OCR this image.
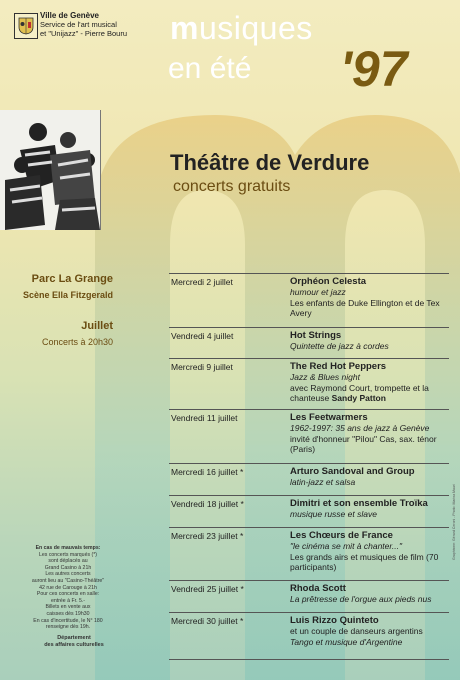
Ville de Genève
Service de l'art musical
et "Unijazz" - Pierre Bouru musiques
en été '97
Théâtre de Verdure
concerts gratuits
Parc La Grange
Scène Ella Fitzgerald
Juillet
Concerts à 20h30
Mercredi 2 juillet	Orphéon Celesta
humour et jazz
Les enfants de Duke Ellington et de Tex Avery
Vendredi 4 juillet	Hot Strings
Quintette de jazz à cordes
Mercredi 9 juillet	The Red Hot Peppers
Jazz & Blues night
avec Raymond Court, trompette et la chanteuse Sandy Patton
Vendredi 11 juillet	Les Feetwarmers
1962-1997: 35 ans de jazz à Genève
invité d'honneur "Pilou" Cas, sax. ténor (Paris)
Mercredi 16 juillet *	Arturo Sandoval and Group
latin-jazz et salsa
Vendredi 18 juillet *	Dimitri et son ensemble Troïka
musique russe et slave
Mercredi 23 juillet *	Les Chœurs de France
"le cinéma se mit à chanter..."
Les grands airs et musiques de film (70 participants)
Vendredi 25 juillet *	Rhoda Scott
La prêtresse de l'orgue aux pieds nus
Mercredi 30 juillet *	Luis Rizzo Quinteto
et un couple de danseurs argentins
Tango et musique d'Argentine
En cas de mauvais temps:
Les concerts marqués (*)
sont déplacés au
Grand Casino à 21h
Les autres concerts
auront lieu au "Casino-Théâtre"
42 rue de Carouge à 21h
Pour ces concerts en salle:
entrée à Fr. 5.-
Billets en vente aux
caisses dès 19h30
En cas d'incertitude, le N° 180
renseigne dès 19h.
Département
des affaires culturelles
Graphisme: Gérard Ceroni - Photo: Marina Mauri
